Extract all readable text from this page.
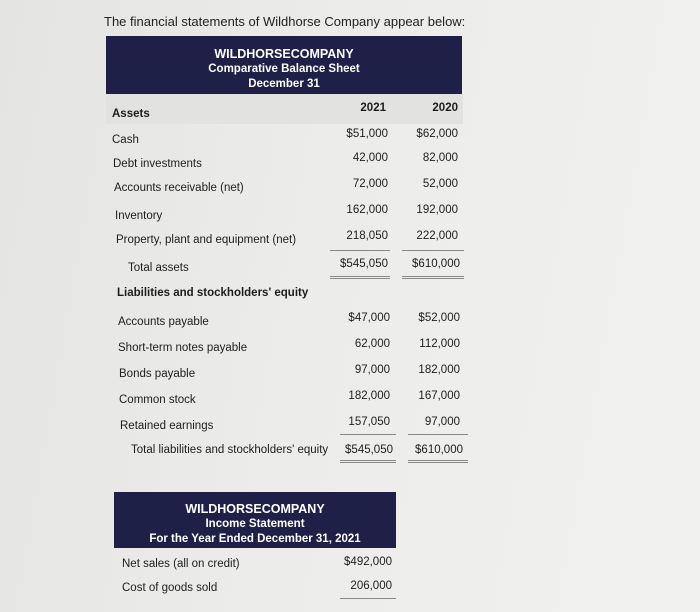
The financial statements of Wildhorse Company appear below:
WILDHORSECOMPANY
Comparative Balance Sheet
December 31
Assets	2021	2020
Cash	$51,000	$62,000
Debt investments	42,000	82,000
Accounts receivable (net)	72,000	52,000
Inventory	162,000	192,000
Property, plant and equipment (net)	218,050	222,000
Total assets	$545,050	$610,000
Liabilities and stockholders' equity
Accounts payable	$47,000	$52,000
Short-term notes payable	62,000	112,000
Bonds payable	97,000	182,000
Common stock	182,000	167,000
Retained earnings	157,050	97,000
Total liabilities and stockholders' equity	$545,050	$610,000
WILDHORSECOMPANY
Income Statement
For the Year Ended December 31, 2021
Net sales (all on credit)	$492,000
Cost of goods sold	206,000
